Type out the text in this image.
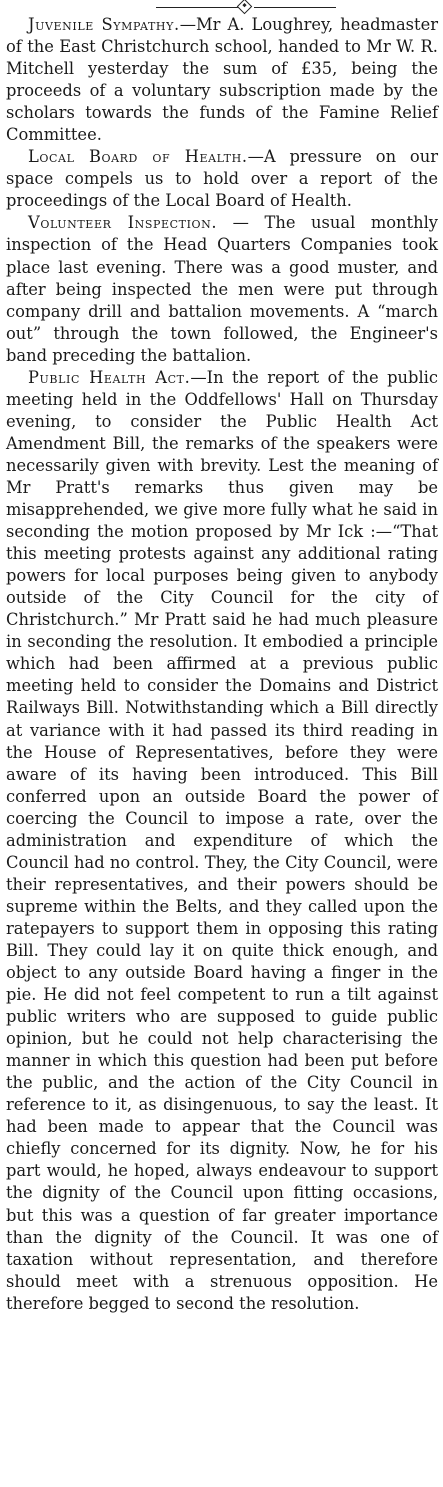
Juvenile Sympathy.—Mr A. Loughrey, headmaster of the East Christchurch school, handed to Mr W. R. Mitchell yesterday the sum of £35, being the proceeds of a voluntary subscription made by the scholars towards the funds of the Famine Relief Committee.

Local Board of Health.—A pressure on our space compels us to hold over a report of the proceedings of the Local Board of Health.

Volunteer Inspection. — The usual monthly inspection of the Head Quarters Companies took place last evening. There was a good muster, and after being inspected the men were put through company drill and battalion movements. A “march out” through the town followed, the Engineer's band preceding the battalion.

Public Health Act.—In the report of the public meeting held in the Oddfellows' Hall on Thursday evening, to consider the Public Health Act Amendment Bill, the remarks of the speakers were necessarily given with brevity. Lest the meaning of Mr Pratt's remarks thus given may be misapprehended, we give more fully what he said in seconding the motion proposed by Mr Ick :—“That this meeting protests against any additional rating powers for local purposes being given to anybody outside of the City Council for the city of Christchurch.” Mr Pratt said he had much pleasure in seconding the resolution. It embodied a principle which had been affirmed at a previous public meeting held to consider the Domains and District Railways Bill. Notwithstanding which a Bill directly at variance with it had passed its third reading in the House of Representatives, before they were aware of its having been introduced. This Bill conferred upon an outside Board the power of coercing the Council to impose a rate, over the administration and expenditure of which the Council had no control. They, the City Council, were their representatives, and their powers should be supreme within the Belts, and they called upon the ratepayers to support them in opposing this rating Bill. They could lay it on quite thick enough, and object to any outside Board having a finger in the pie. He did not feel competent to run a tilt against public writers who are supposed to guide public opinion, but he could not help characterising the manner in which this question had been put before the public, and the action of the City Council in reference to it, as disingenuous, to say the least. It had been made to appear that the Council was chiefly concerned for its dignity. Now, he for his part would, he hoped, always endeavour to support the dignity of the Council upon fitting occasions, but this was a question of far greater importance than the dignity of the Council. It was one of taxation without representation, and therefore should meet with a strenuous opposition. He therefore begged to second the resolution.
